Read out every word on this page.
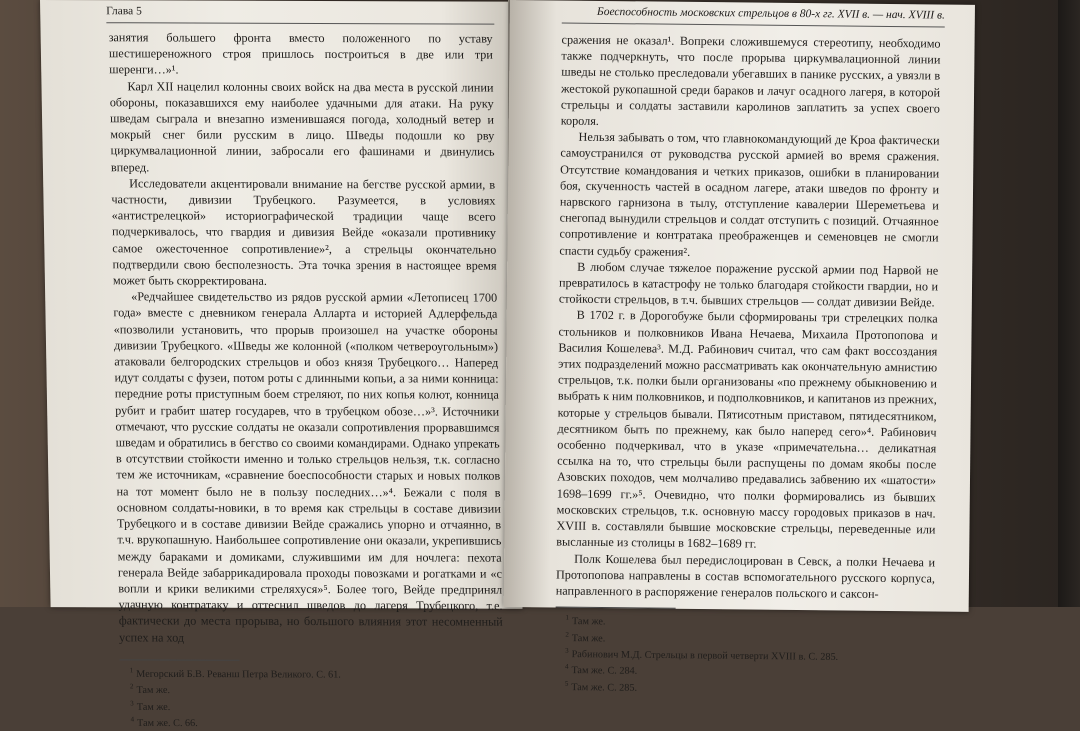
Глава 5

занятия большего фронта вместо положенного по уставу шестишереножного строя пришлось построиться в две или три шеренги…»¹.

Карл XII нацелил колонны своих войск на два места в русской линии обороны, показавшихся ему наиболее удачными для атаки. На руку шведам сыграла и внезапно изменившаяся погода, холодный ветер и мокрый снег били русским в лицо. Шведы подошли ко рву циркумвалационной линии, забросали его фашинами и двинулись вперед.

Исследователи акцентировали внимание на бегстве русской армии, в частности, дивизии Трубецкого. Разумеется, в условиях «антистрелецкой» историографической традиции чаще всего подчеркивалось, что гвардия и дивизия Вейде «оказали противнику самое ожесточенное сопротивление»², а стрельцы окончательно подтвердили свою бесполезность. Эта точка зрения в настоящее время может быть скорректирована.

«Редчайшее свидетельство из рядов русской армии «Летописец 1700 года» вместе с дневником генерала Алларта и историей Адлерфельда «позволили установить, что прорыв произошел на участке обороны дивизии Трубецкого. «Шведы же колонной («полком четвероугольным») атаковали белгородских стрельцов и обоз князя Трубецкого… Наперед идут солдаты с фузеи, потом роты с длинными копьи, а за ними конница: передние роты приступным боем стреляют, по них копья колют, конница рубит и грабит шатер государев, что в трубецком обозе…»³. Источники отмечают, что русские солдаты не оказали сопротивления прорвавшимся шведам и обратились в бегство со своими командирами. Однако упрекать в отсутствии стойкости именно и только стрельцов нельзя, т.к. согласно тем же источникам, «сравнение боеспособности старых и новых полков на тот момент было не в пользу последних…»⁴. Бежали с поля в основном солдаты-новики, в то время как стрельцы в составе дивизии Трубецкого и в составе дивизии Вейде сражались упорно и отчаянно, в т.ч. врукопашную. Наибольшее сопротивление они оказали, укрепившись между бараками и домиками, служившими им для ночлега: пехота генерала Вейде забаррикадировала проходы повозками и рогатками и «с вопли и крики великими стреляхуся»⁵. Более того, Вейде предпринял удачную контратаку и оттеснил шведов до лагеря Трубецкого, т.е. фактически до места прорыва, но большого влияния этот несомненный успех на ход

$^1$ Мегорский Б.В. Реванш Петра Великого. С. 61.
$^2$ Там же.
$^3$ Там же.
$^4$ Там же. С. 66.
Боеспособность московских стрельцов в 80-х гг. XVII в. — нач. XVIII в.

сражения не оказал¹. Вопреки сложившемуся стереотипу, необходимо также подчеркнуть, что после прорыва циркумвалационной линии шведы не столько преследовали убегавших в панике русских, а увязли в жестокой рукопашной среди бараков и лачуг осадного лагеря, в которой стрельцы и солдаты заставили каролинов заплатить за успех своего короля.

Нельзя забывать о том, что главнокомандующий де Кроа фактически самоустранился от руководства русской армией во время сражения. Отсутствие командования и четких приказов, ошибки в планировании боя, скученность частей в осадном лагере, атаки шведов по фронту и нарвского гарнизона в тылу, отступление кавалерии Шереметьева и снегопад вынудили стрельцов и солдат отступить с позиций. Отчаянное сопротивление и контратака преображенцев и семеновцев не смогли спасти судьбу сражения².

В любом случае тяжелое поражение русской армии под Нарвой не превратилось в катастрофу не только благодаря стойкости гвардии, но и стойкости стрельцов, в т.ч. бывших стрельцов — солдат дивизии Вейде.

В 1702 г. в Дорогобуже были сформированы три стрелецких полка стольников и полковников Ивана Нечаева, Михаила Протопопова и Василия Кошелева³. М.Д. Рабинович считал, что сам факт воссоздания этих подразделений можно рассматривать как окончательную амнистию стрельцов, т.к. полки были организованы «по прежнему обыкновению и выбрать к ним полковников, и подполковников, и капитанов из прежних, которые у стрельцов бывали. Пятисотным приставом, пятидесятником, десятником быть по прежнему, как было наперед сего»⁴. Рабинович особенно подчеркивал, что в указе «примечательна… деликатная ссылка на то, что стрельцы были распущены по домам якобы после Азовских походов, чем молчаливо предавались забвению их «шатости» 1698–1699 гг.»⁵. Очевидно, что полки формировались из бывших московских стрельцов, т.к. основную массу городовых приказов в нач. XVIII в. составляли бывшие московские стрельцы, переведенные или высланные из столицы в 1682–1689 гг.

Полк Кошелева был передислоцирован в Севск, а полки Нечаева и Протопопова направлены в состав вспомогательного русского корпуса, направленного в распоряжение генералов польского и саксон-

$^1$ Там же.
$^2$ Там же.
$^3$ Рабинович М.Д. Стрельцы в первой четверти XVIII в. С. 285.
$^4$ Там же. С. 284.
$^5$ Там же. С. 285.
